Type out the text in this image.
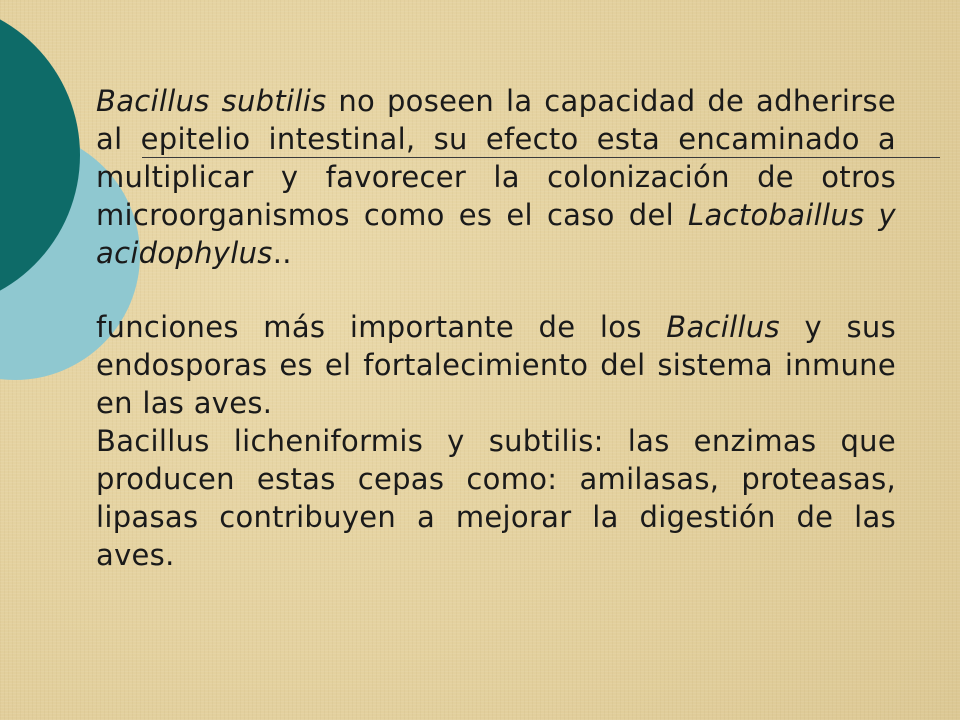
Bacillus subtilis no poseen la capacidad de adherirse al epitelio intestinal, su efecto esta encaminado a multiplicar y favorecer la colonización de otros microorganismos como es el caso del Lactobaillus y acidophylus..

funciones más importante de los Bacillus y sus endosporas es el fortalecimiento del sistema inmune en las aves.

Bacillus licheniformis y subtilis: las enzimas que producen estas cepas como: amilasas, proteasas, lipasas contribuyen a mejorar la digestión de las aves.
